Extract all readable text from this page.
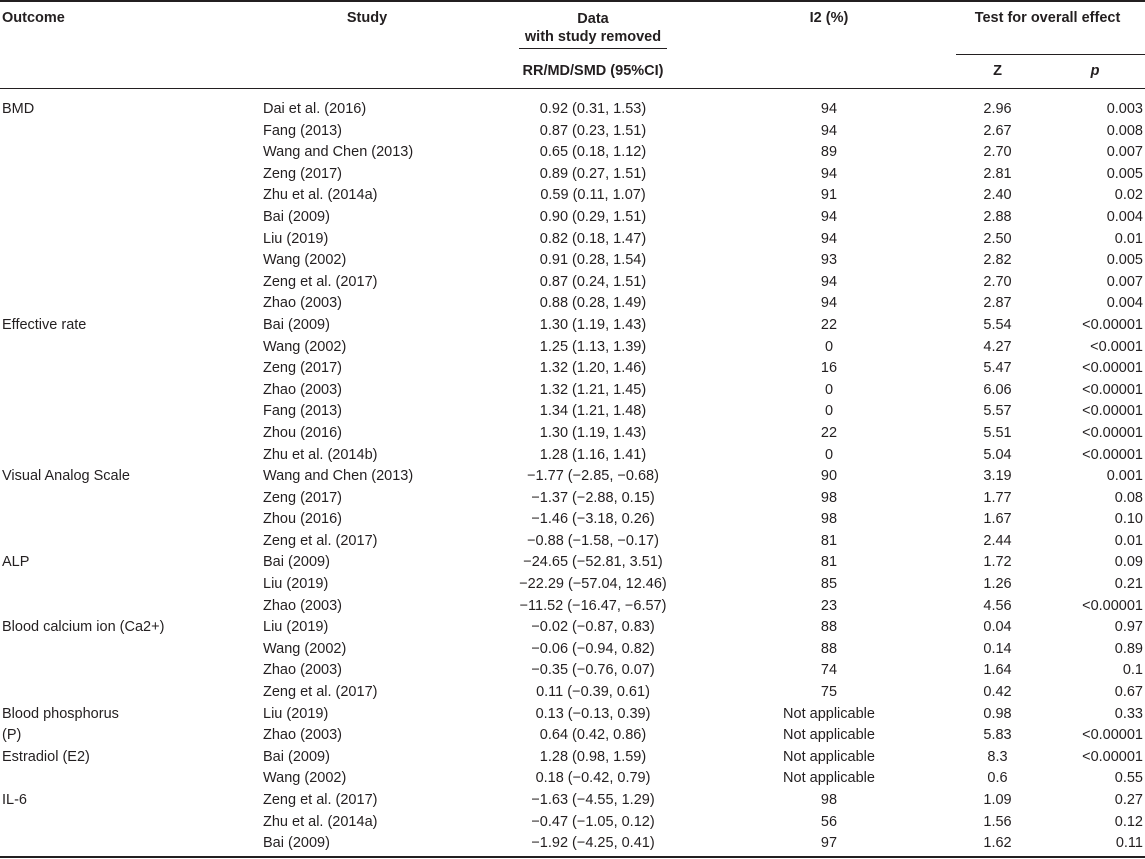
Outcome	Study	Data
with study removed	I2 (%)	Test for overall effect	
		RR/MD/SMD (95%CI)		Z	p
BMD	Dai et al. (2016)	0.92 (0.31, 1.53)	94	2.96	0.003
	Fang (2013)	0.87 (0.23, 1.51)	94	2.67	0.008
	Wang and Chen (2013)	0.65 (0.18, 1.12)	89	2.70	0.007
	Zeng (2017)	0.89 (0.27, 1.51)	94	2.81	0.005
	Zhu et al. (2014a)	0.59 (0.11, 1.07)	91	2.40	0.02
	Bai (2009)	0.90 (0.29, 1.51)	94	2.88	0.004
	Liu (2019)	0.82 (0.18, 1.47)	94	2.50	0.01
	Wang (2002)	0.91 (0.28, 1.54)	93	2.82	0.005
	Zeng et al. (2017)	0.87 (0.24, 1.51)	94	2.70	0.007
	Zhao (2003)	0.88 (0.28, 1.49)	94	2.87	0.004
Effective rate	Bai (2009)	1.30 (1.19, 1.43)	22	5.54	<0.00001
	Wang (2002)	1.25 (1.13, 1.39)	0	4.27	<0.0001
	Zeng (2017)	1.32 (1.20, 1.46)	16	5.47	<0.00001
	Zhao (2003)	1.32 (1.21, 1.45)	0	6.06	<0.00001
	Fang (2013)	1.34 (1.21, 1.48)	0	5.57	<0.00001
	Zhou (2016)	1.30 (1.19, 1.43)	22	5.51	<0.00001
	Zhu et al. (2014b)	1.28 (1.16, 1.41)	0	5.04	<0.00001
Visual Analog Scale	Wang and Chen (2013)	−1.77 (−2.85, −0.68)	90	3.19	0.001
	Zeng (2017)	−1.37 (−2.88, 0.15)	98	1.77	0.08
	Zhou (2016)	−1.46 (−3.18, 0.26)	98	1.67	0.10
	Zeng et al. (2017)	−0.88 (−1.58, −0.17)	81	2.44	0.01
ALP	Bai (2009)	−24.65 (−52.81, 3.51)	81	1.72	0.09
	Liu (2019)	−22.29 (−57.04, 12.46)	85	1.26	0.21
	Zhao (2003)	−11.52 (−16.47, −6.57)	23	4.56	<0.00001
Blood calcium ion (Ca2+)	Liu (2019)	−0.02 (−0.87, 0.83)	88	0.04	0.97
	Wang (2002)	−0.06 (−0.94, 0.82)	88	0.14	0.89
	Zhao (2003)	−0.35 (−0.76, 0.07)	74	1.64	0.1
	Zeng et al. (2017)	0.11 (−0.39, 0.61)	75	0.42	0.67
Blood phosphorus	Liu (2019)	0.13 (−0.13, 0.39)	Not applicable	0.98	0.33
(P)	Zhao (2003)	0.64 (0.42, 0.86)	Not applicable	5.83	<0.00001
Estradiol (E2)	Bai (2009)	1.28 (0.98, 1.59)	Not applicable	8.3	<0.00001
	Wang (2002)	0.18 (−0.42, 0.79)	Not applicable	0.6	0.55
IL-6	Zeng et al. (2017)	−1.63 (−4.55, 1.29)	98	1.09	0.27
	Zhu et al. (2014a)	−0.47 (−1.05, 0.12)	56	1.56	0.12
	Bai (2009)	−1.92 (−4.25, 0.41)	97	1.62	0.11
